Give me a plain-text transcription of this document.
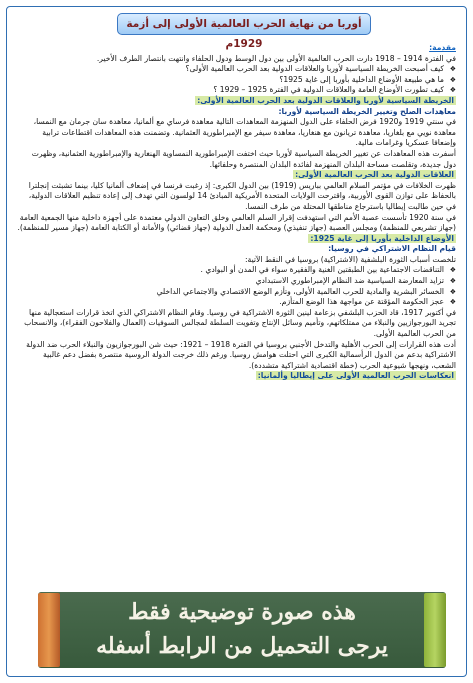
أوربا من نهاية الحرب العالمية الأولى إلى أزمة 1929م	مقدمة:

في الفترة 1914 – 1918 دارت الحرب العالمية الأولى بين دول الوسط ودول الحلفاء وانتهت بانتصار الطرف الأخير.

❖
كيف أصبحت الخريطة السياسية لأوربا والعلاقات الدولية بعد الحرب العالمية الأولى؟
❖
ما هي طبيعة الأوضاع الداخلية بأوربا إلى غاية 1925؟
❖
كيف تطورت الأوضاع العامة والعلاقات الدولية في الفترة 1925 – 1929 ؟

الخريطة السياسية لأوربا والعلاقات الدولية بعد الحرب العالمية الأولى:

معاهدات الصلح وتغيير الخريطة السياسية لأوربا:

في سنتي 1919 و1920 فرض الحلفاء على الدول المنهزمة المعاهدات التالية معاهدة فرساي مع ألمانيا، معاهدة سان جرمان مع النمسا، معاهدة نويي مع بلغاريا، معاهدة تريانون مع هنغاريا، معاهدة سيفر مع الإمبراطورية العثمانية. وتضمنت هذه المعاهدات اقتطاعات ترابية وإضعافا عسكريا وغرامات مالية.

أسفرت هذه المعاهدات عن تغيير الخريطة السياسية لأوربا حيث اختفت الإمبراطورية النمساوية الهنغارية والإمبراطورية العثمانية، وظهرت دول جديدة، وتقلصت مساحة البلدان المنهزمة لفائدة البلدان المنتصرة وحلفائها.

العلاقات الدولية بعد الحرب العالمية الأولى:

ظهرت الخلافات في مؤتمر السلام العالمي بباريس (1919) بين الدول الكبرى: إذ رغبت فرنسا في إضعاف ألمانيا كليا، بينما تشبثت إنجلترا بالحفاظ على توازن القوى الأوربية، واقترحت الولايات المتحدة الأمريكية المبادئ 14 لولسون التي تهدف إلى إعادة تنظيم العلاقات الدولية، في حين طالبت إيطاليا باسترجاع مناطقها المحتلة من طرف النمسا.

في سنة 1920 تأسست عصبة الأمم التي استهدفت إقرار السلم العالمي وخلق التعاون الدولي معتمدة على أجهزة داخلية منها الجمعية العامة (جهاز تشريعي للمنظمة) ومجلس العصبة (جهاز تنفيذي) ومحكمة العدل الدولية (جهاز قضائي) والأمانة أو الكتابة العامة (جهاز مسير للمنظمة).

الأوضاع الداخلية بأوربا إلى غاية 1925:

قيام النظام الاشتراكي في روسيا:

تلخصت أسباب الثورة البلشفية (الاشتراكية) بروسيا في النقط الآتية:

❖
التناقضات الاجتماعية بين الطبقتين الغنية والفقيرة سواء في المدن أو البوادي .
❖
تزايد المعارضة السياسية ضد النظام الإمبراطوري الاستبدادي
❖
الخسائر البشرية والمادية للحرب العالمية الأولى، وتأزم الوضع الاقتصادي والاجتماعي الداخلي
❖
عجز الحكومة المؤقتة عن مواجهة هذا الوضع المتأزم.

في أكتوبر 1917، قاد الحزب البلشفي بزعامة لينين الثورة الاشتراكية في روسيا. وقام النظام الاشتراكي الذي اتخذ قرارات استعجالية منها تجريد البورجوازيين والنبلاء من ممتلكاتهم، وتأميم وسائل الإنتاج وتفويت السلطة لمجالس السوفيات (العمال والفلاحون الفقراء)، والانسحاب من الحرب العالمية الأولى.

أدت هذه القرارات إلى الحرب الأهلية والتدخل الأجنبي بروسيا في الفترة 1918 – 1921: حيث شن البورجوازيون والنبلاء الحرب ضد الدولة الاشتراكية بدعم من الدول الرأسمالية الكبرى التي احتلت هوامش روسيا. ورغم ذلك خرجت الدولة الروسية منتصرة بفضل دعم غالبية الشعب، ونهجها شيوعية الحرب (خطة اقتصادية اشتراكية متشددة).

انعكاسات الحرب العالمية الأولى على إيطاليا وألمانيا:

هذه صورة توضيحية فقط
يرجى التحميل من الرابط أسفله
